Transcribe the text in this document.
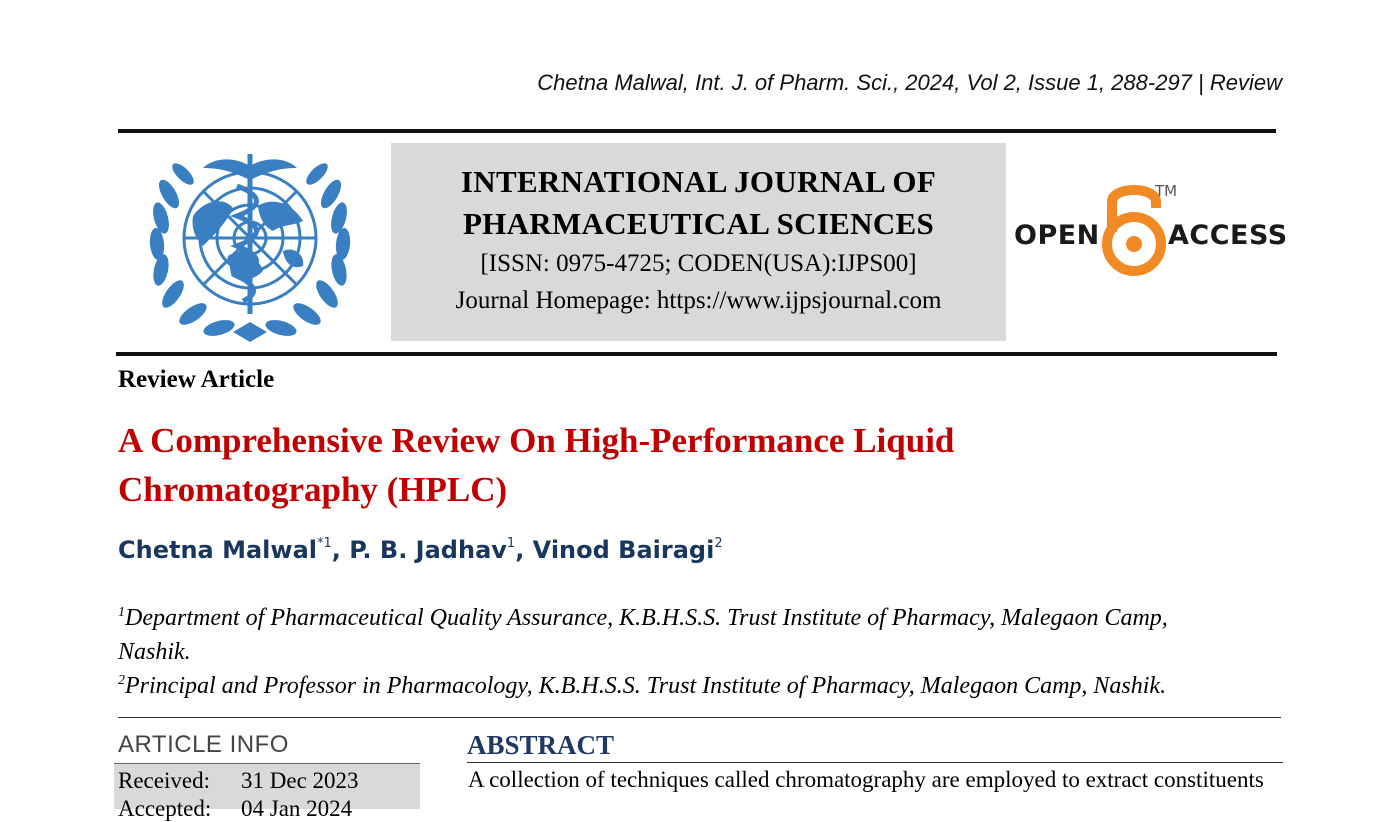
Chetna Malwal, Int. J. of Pharm. Sci., 2024, Vol 2, Issue 1, 288-297 | Review
INTERNATIONAL JOURNAL OF
PHARMACEUTICAL SCIENCES
[ISSN: 0975-4725; CODEN(USA):IJPS00]
Journal Homepage: https://www.ijpsjournal.com
OPEN
TM
ACCESS
Review Article
A Comprehensive Review On High-Performance Liquid
Chromatography (HPLC)
Chetna Malwal$^{*1}$, P. B. Jadhav$^1$, Vinod Bairagi$^2$
$^1$Department of Pharmaceutical Quality Assurance, K.B.H.S.S. Trust Institute of Pharmacy, Malegaon Camp,
Nashik.
$^2$Principal and Professor in Pharmacology, K.B.H.S.S. Trust Institute of Pharmacy, Malegaon Camp, Nashik.
ARTICLE INFO
Received: 31 Dec 2023
Accepted: 04 Jan 2024
ABSTRACT
A collection of techniques called chromatography are employed to extract constituents
